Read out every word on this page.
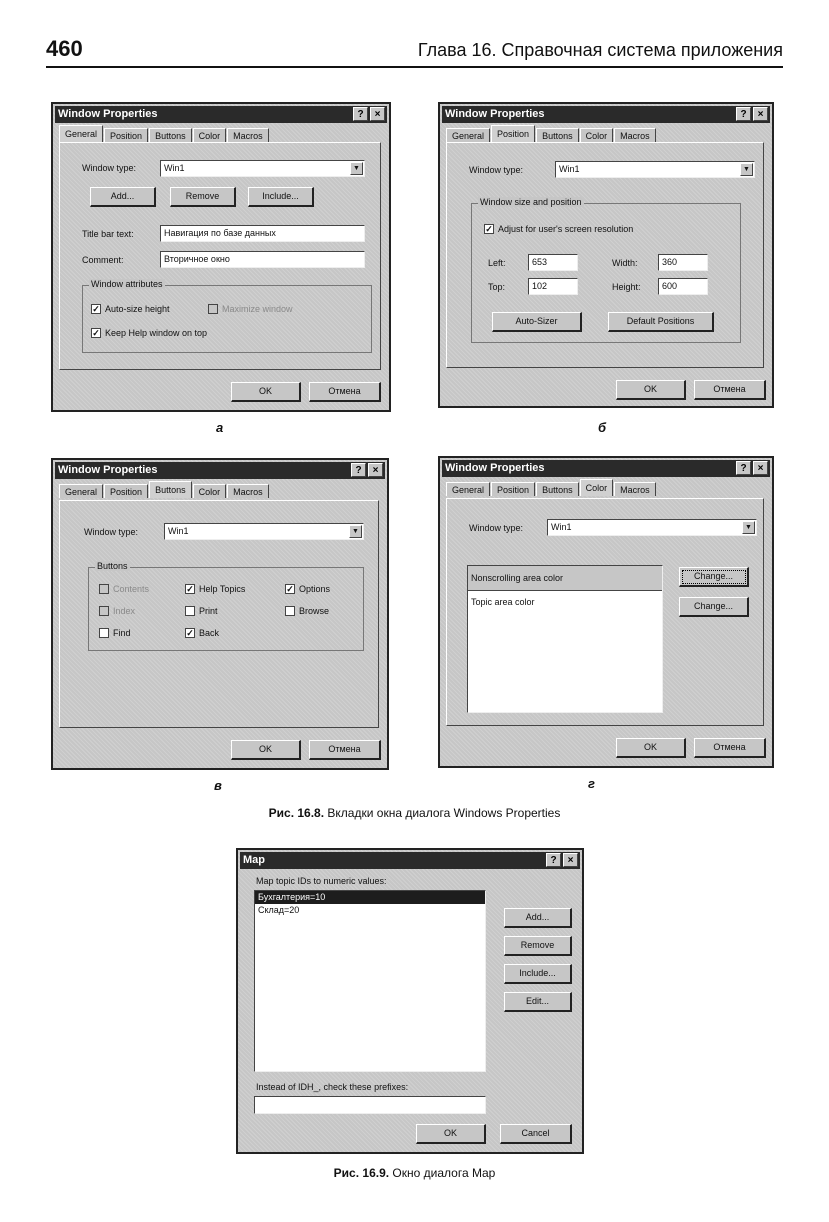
460	Глава 16. Справочная система приложения
Window Properties	?	×
General	Position	Buttons	Color	Macros
Window type:	Win1	▼
Add...	Remove	Include...
Title bar text:	Навигация по базе данных
Comment:	Вторичное окно
Window attributes
✓ Auto-size height	Maximize window
✓ Keep Help window on top
OK	Отмена
а
Window Properties	?	×
General	Position	Buttons	Color	Macros
Window type:	Win1	▼
Window size and position
✓ Adjust for user's screen resolution
Left:	653	Width:	360
Top:	102	Height:	600
Auto-Sizer	Default Positions
OK	Отмена
б
Window Properties	?	×
General	Position	Buttons	Color	Macros
Window type:	Win1	▼
Buttons
Contents	✓ Help Topics	✓ Options
Index	Print	Browse
Find	✓ Back
OK	Отмена
в
Window Properties	?	×
General	Position	Buttons	Color	Macros
Window type:	Win1	▼
Nonscrolling area color
Topic area color
Change...
Change...
OK	Отмена
г
Рис. 16.8. Вкладки окна диалога Windows Properties
Map	?	×
Map topic IDs to numeric values:
Бухгалтерия=10
Склад=20
Add...
Remove
Include...
Edit...
Instead of IDH_, check these prefixes:
OK	Cancel
Рис. 16.9. Окно диалога Map
